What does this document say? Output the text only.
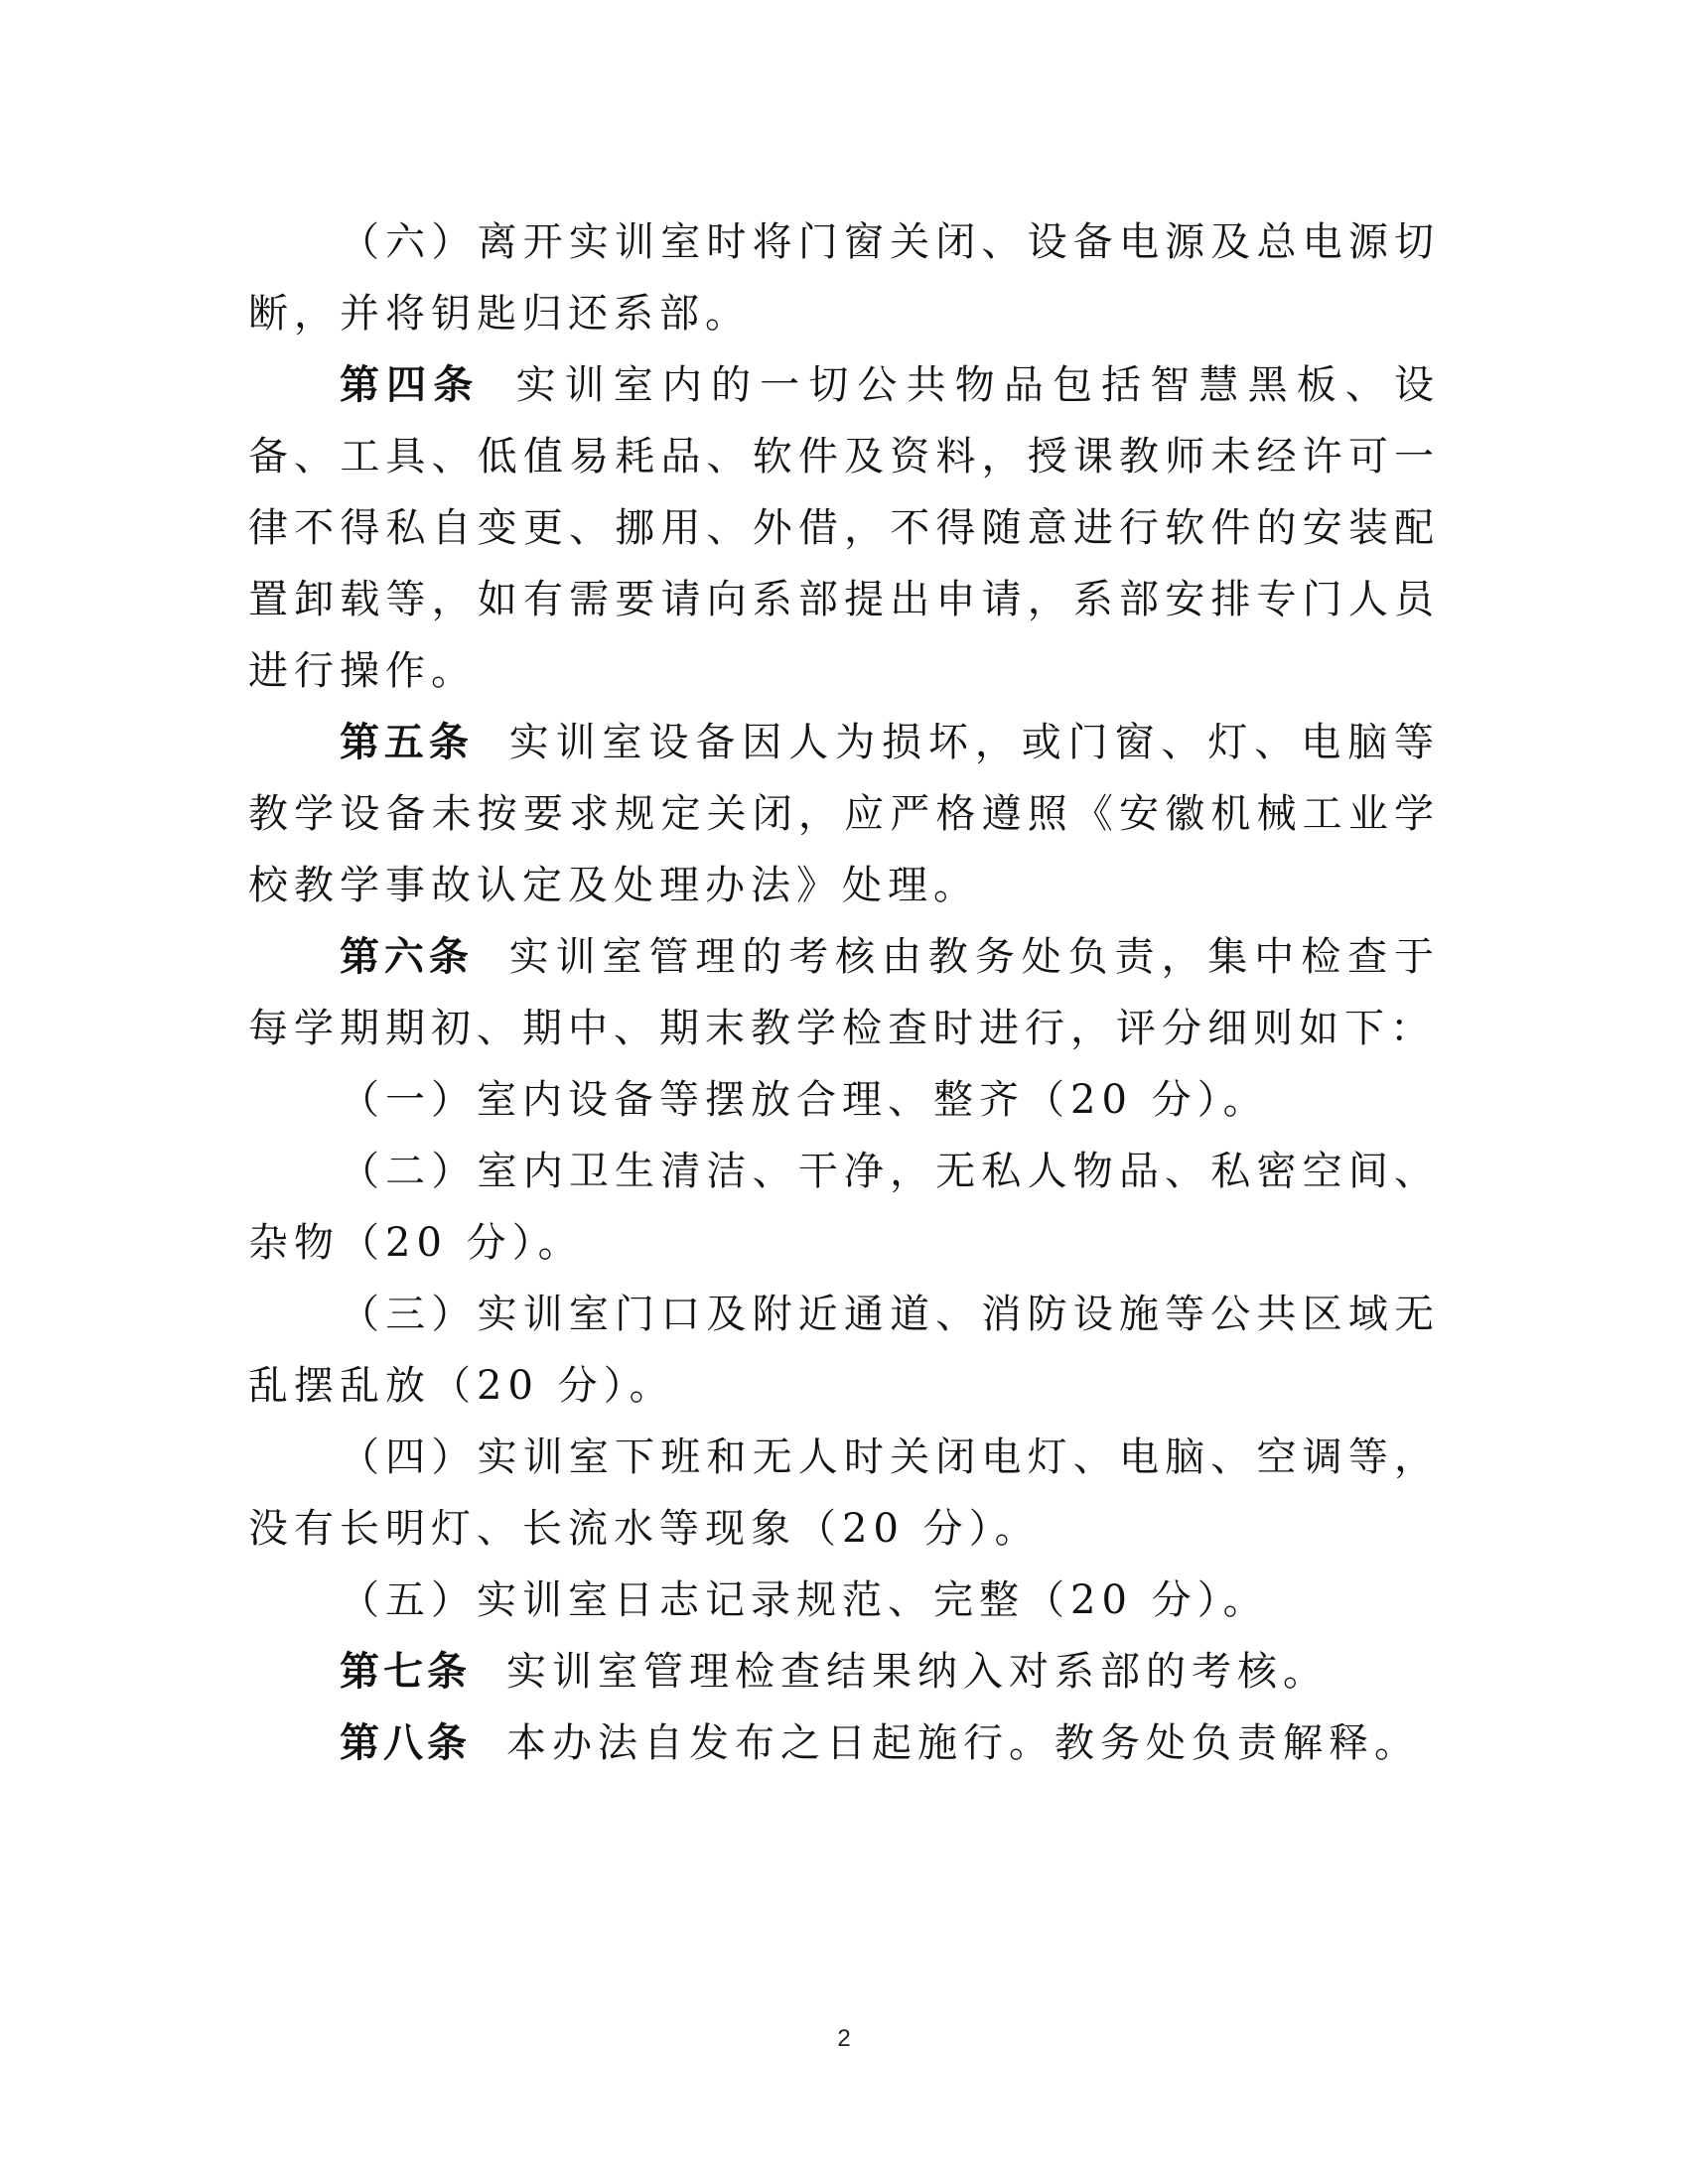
（六）离开实训室时将门窗关闭、设备电源及总电源切断，并将钥匙归还系部。

第四条 实训室内的一切公共物品包括智慧黑板、设备、工具、低值易耗品、软件及资料，授课教师未经许可一律不得私自变更、挪用、外借，不得随意进行软件的安装配置卸载等，如有需要请向系部提出申请，系部安排专门人员进行操作。

第五条 实训室设备因人为损坏，或门窗、灯、电脑等教学设备未按要求规定关闭，应严格遵照《安徽机械工业学校教学事故认定及处理办法》处理。

第六条 实训室管理的考核由教务处负责，集中检查于每学期期初、期中、期末教学检查时进行，评分细则如下：

（一）室内设备等摆放合理、整齐（20 分）。

（二）室内卫生清洁、干净，无私人物品、私密空间、杂物（20 分）。

（三）实训室门口及附近通道、消防设施等公共区域无乱摆乱放（20 分）。

（四）实训室下班和无人时关闭电灯、电脑、空调等，没有长明灯、长流水等现象（20 分）。

（五）实训室日志记录规范、完整（20 分）。

第七条 实训室管理检查结果纳入对系部的考核。

第八条 本办法自发布之日起施行。教务处负责解释。

2
